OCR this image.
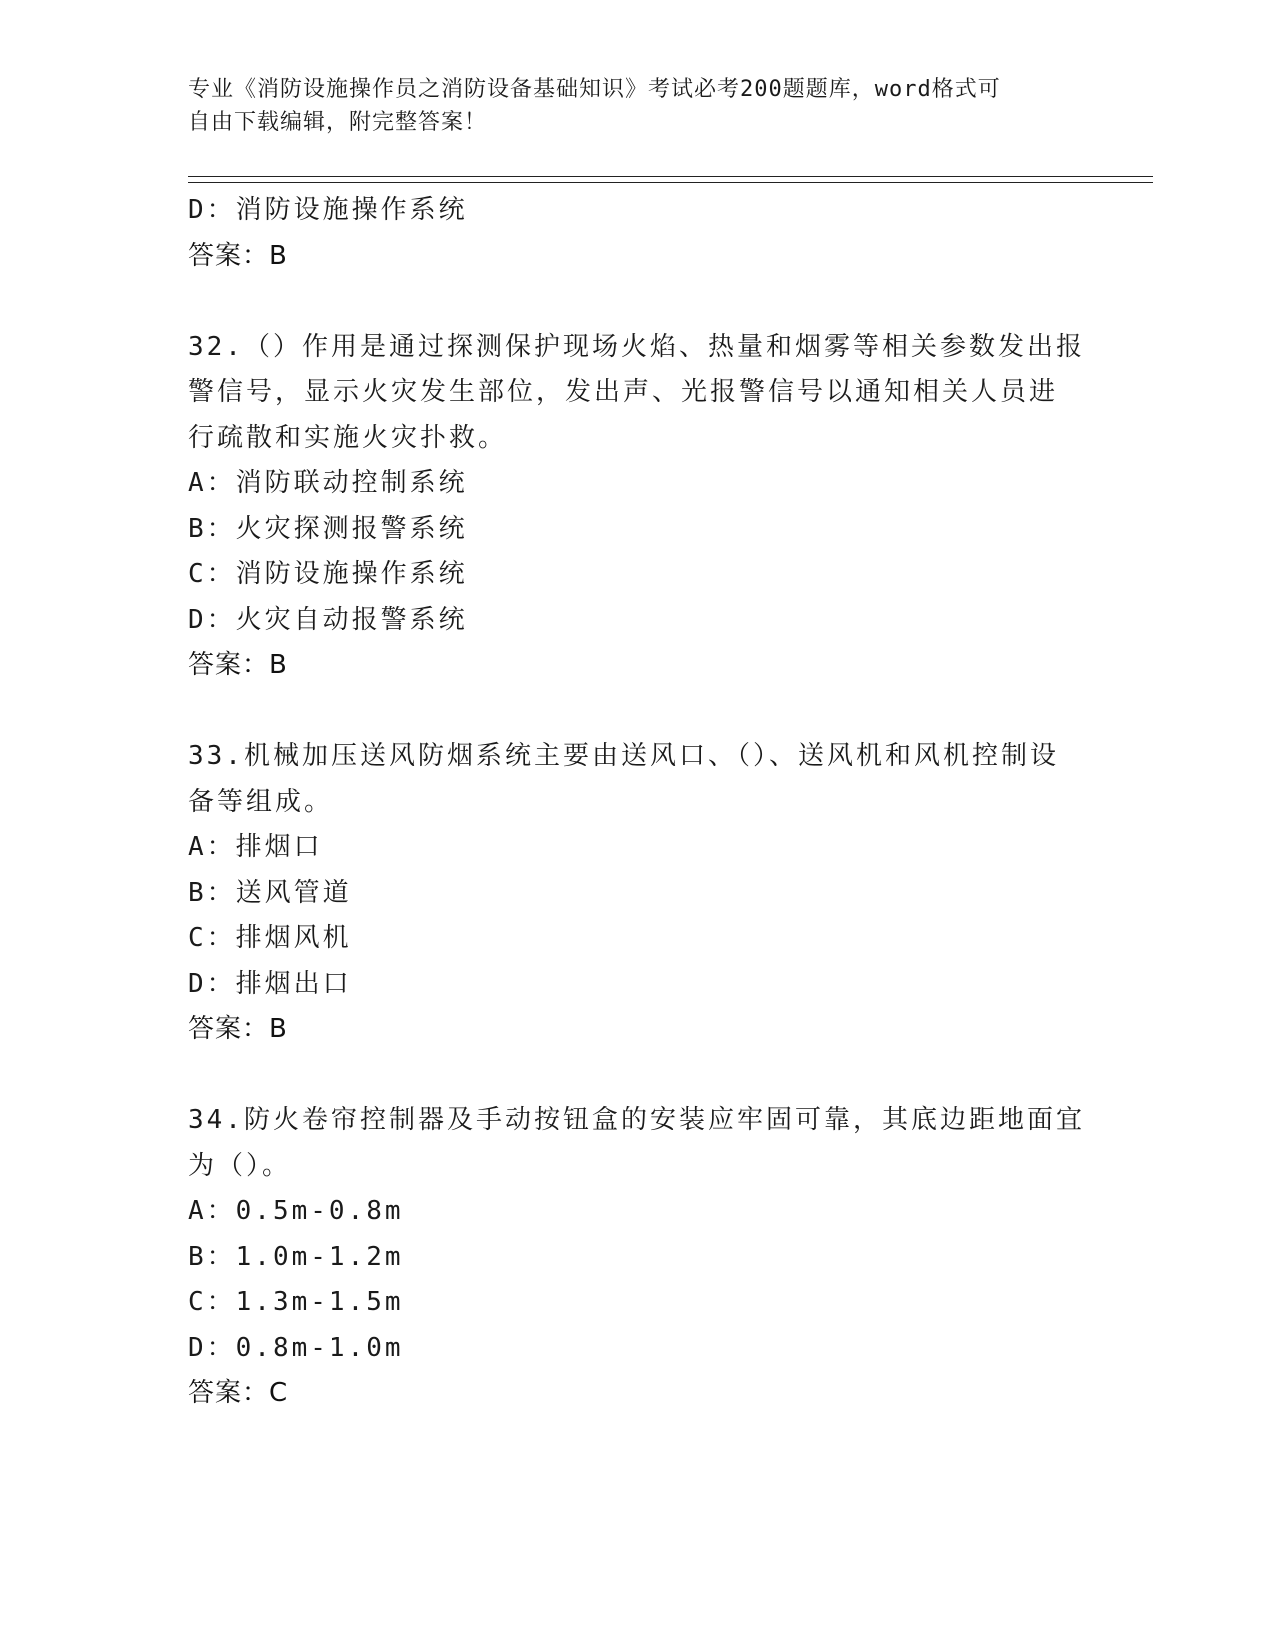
专业《消防设施操作员之消防设备基础知识》考试必考200题题库，word格式可
自由下载编辑，附完整答案！
D：消防设施操作系统
答案：B
32.（）作用是通过探测保护现场火焰、热量和烟雾等相关参数发出报
警信号，显示火灾发生部位，发出声、光报警信号以通知相关人员进
行疏散和实施火灾扑救。
A：消防联动控制系统
B：火灾探测报警系统
C：消防设施操作系统
D：火灾自动报警系统
答案：B
33.机械加压送风防烟系统主要由送风口、（）、送风机和风机控制设
备等组成。
A：排烟口
B：送风管道
C：排烟风机
D：排烟出口
答案：B
34.防火卷帘控制器及手动按钮盒的安装应牢固可靠，其底边距地面宜
为（）。
A：0.5m-0.8m
B：1.0m-1.2m
C：1.3m-1.5m
D：0.8m-1.0m
答案：C
